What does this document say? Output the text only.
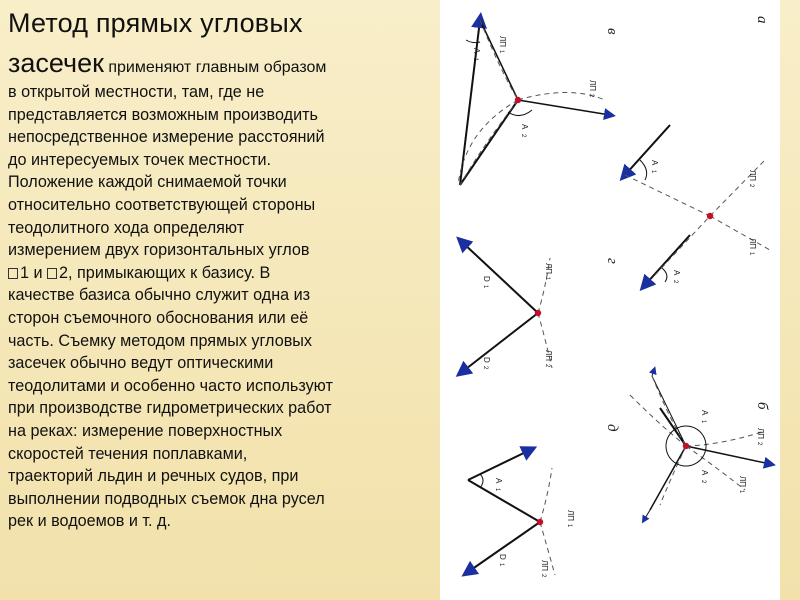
Метод прямых угловых
засечек применяют главным образом

в открытой местности, там, где не

представляется возможным производить

непосредственное измерение расстояний

до интересуемых точек местности.

Положение каждой снимаемой точки

относительно соответствующей стороны

теодолитного хода определяют

измерением двух горизонтальных углов

1 и 2, примыкающих к базису. В

качестве базиса обычно служит одна из

сторон съемочного обоснования или её

часть. Съемку методом прямых угловых

засечек обычно ведут оптическими

теодолитами и особенно часто используют

при производстве гидрометрических работ

на реках: измерение поверхностных

скоростей течения поплавками,

траекторий льдин и речных судов, при

выполнении подводных съемок дна русел

рек и водоемов и т. д.

а
б
в
г
д
A
1
A
2
ЛП
1
ЛП
2
A
1
A
2
ЛП
2
ЛП
1
D
1
D
2
ЛП
1
ЛП
2
A
1
A
2
ЛП
2
ЛП
1
A
1
D
1
ЛП
1
ЛП
2
